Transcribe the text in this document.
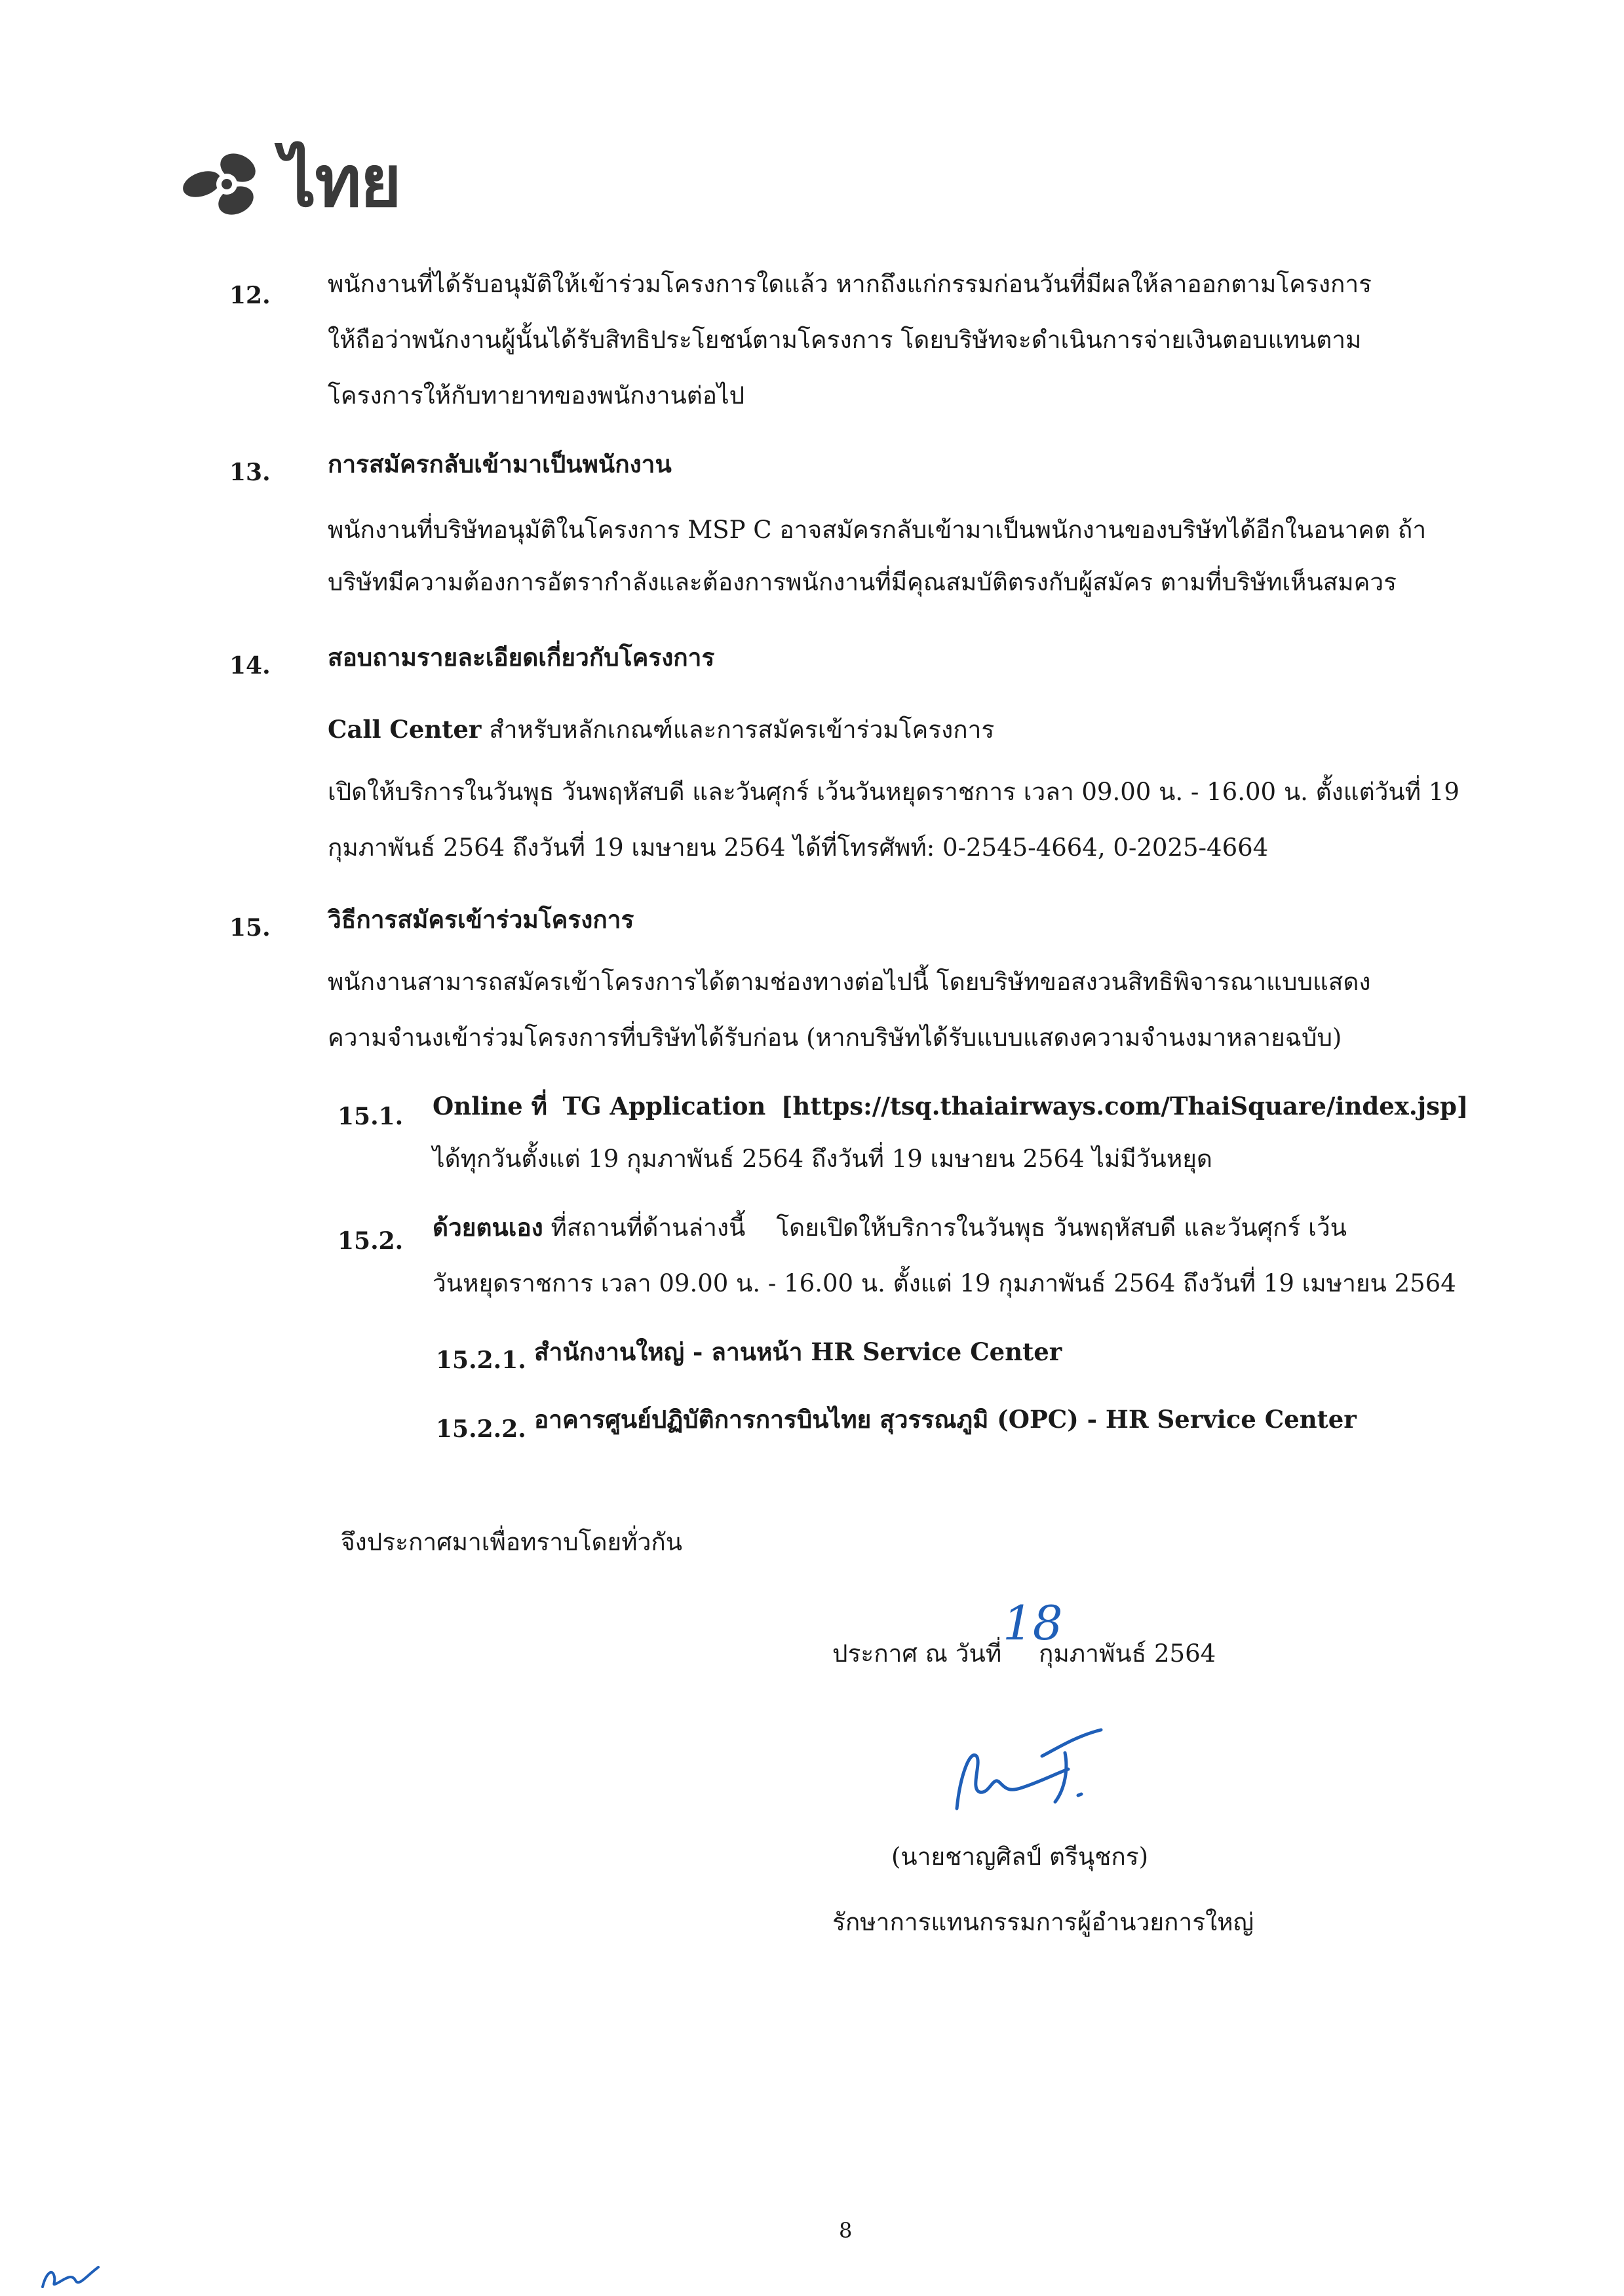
ไทย
12. พนักงานที่ได้รับอนุมัติให้เข้าร่วมโครงการใดแล้ว หากถึงแก่กรรมก่อนวันที่มีผลให้ลาออกตามโครงการ
ให้ถือว่าพนักงานผู้นั้นได้รับสิทธิประโยชน์ตามโครงการ โดยบริษัทจะดำเนินการจ่ายเงินตอบแทนตาม
โครงการให้กับทายาทของพนักงานต่อไป
13. การสมัครกลับเข้ามาเป็นพนักงาน
พนักงานที่บริษัทอนุมัติในโครงการ MSP C อาจสมัครกลับเข้ามาเป็นพนักงานของบริษัทได้อีกในอนาคต ถ้า
บริษัทมีความต้องการอัตรากำลังและต้องการพนักงานที่มีคุณสมบัติตรงกับผู้สมัคร ตามที่บริษัทเห็นสมควร
14. สอบถามรายละเอียดเกี่ยวกับโครงการ
Call Center สำหรับหลักเกณฑ์และการสมัครเข้าร่วมโครงการ
เปิดให้บริการในวันพุธ วันพฤหัสบดี และวันศุกร์ เว้นวันหยุดราชการ เวลา 09.00 น. - 16.00 น. ตั้งแต่วันที่ 19
กุมภาพันธ์ 2564 ถึงวันที่ 19 เมษายน 2564 ได้ที่โทรศัพท์: 0-2545-4664, 0-2025-4664
15. วิธีการสมัครเข้าร่วมโครงการ
พนักงานสามารถสมัครเข้าโครงการได้ตามช่องทางต่อไปนี้ โดยบริษัทขอสงวนสิทธิพิจารณาแบบแสดง
ความจำนงเข้าร่วมโครงการที่บริษัทได้รับก่อน (หากบริษัทได้รับแบบแสดงความจำนงมาหลายฉบับ)
15.1. Online ที่ TG Application [https://tsq.thaiairways.com/ThaiSquare/index.jsp]
ได้ทุกวันตั้งแต่ 19 กุมภาพันธ์ 2564 ถึงวันที่ 19 เมษายน 2564 ไม่มีวันหยุด
15.2. ด้วยตนเอง ที่สถานที่ด้านล่างนี้ โดยเปิดให้บริการในวันพุธ วันพฤหัสบดี และวันศุกร์ เว้น
วันหยุดราชการ เวลา 09.00 น. - 16.00 น. ตั้งแต่ 19 กุมภาพันธ์ 2564 ถึงวันที่ 19 เมษายน 2564
15.2.1. สำนักงานใหญ่ - ลานหน้า HR Service Center
15.2.2. อาคารศูนย์ปฏิบัติการการบินไทย สุวรรณภูมิ (OPC) - HR Service Center
จึงประกาศมาเพื่อทราบโดยทั่วกัน
ประกาศ ณ วันที่
18
กุมภาพันธ์ 2564
(นายชาญศิลป์ ตรีนุชกร)
รักษาการแทนกรรมการผู้อำนวยการใหญ่
8
